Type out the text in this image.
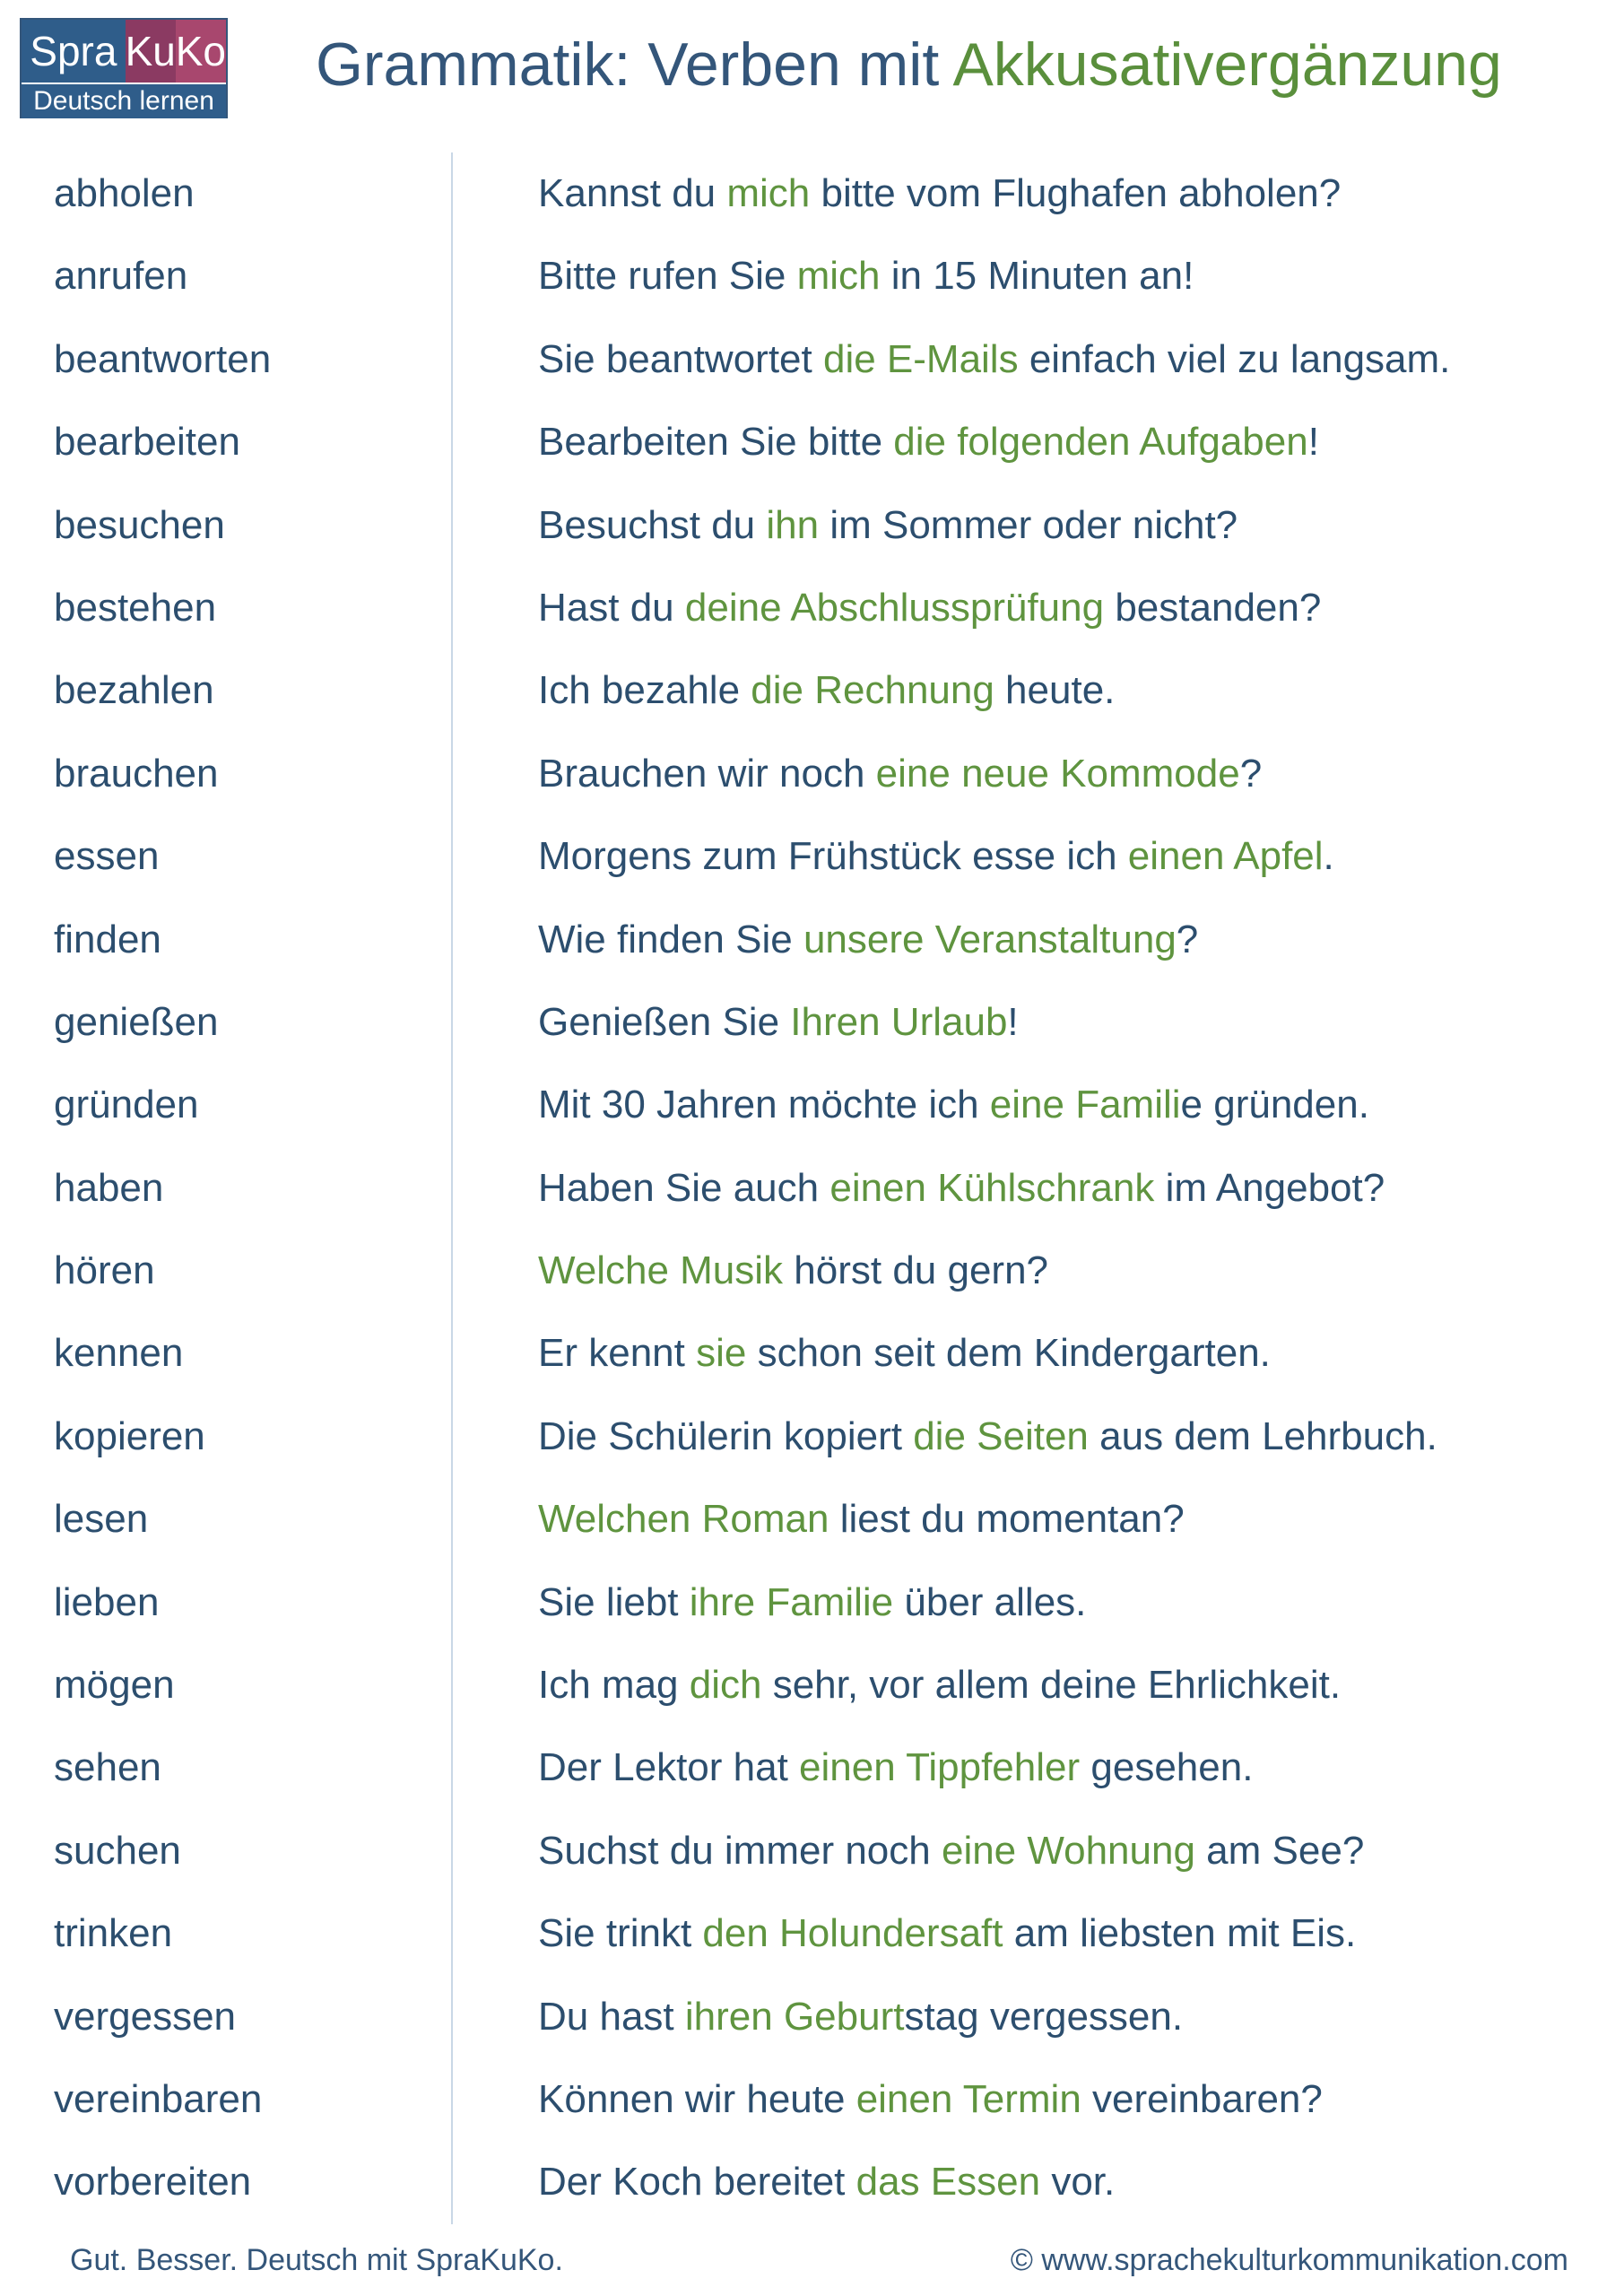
Spra Ku Ko
Deutsch lernen
Grammatik: Verben mit Akkusativergänzung
abholen	Kannst du mich bitte vom Flughafen abholen?
anrufen	Bitte rufen Sie mich in 15 Minuten an!
beantworten	Sie beantwortet die E-Mails einfach viel zu langsam.
bearbeiten	Bearbeiten Sie bitte die folgenden Aufgaben!
besuchen	Besuchst du ihn im Sommer oder nicht?
bestehen	Hast du deine Abschlussprüfung bestanden?
bezahlen	Ich bezahle die Rechnung heute.
brauchen	Brauchen wir noch eine neue Kommode?
essen	Morgens zum Frühstück esse ich einen Apfel.
finden	Wie finden Sie unsere Veranstaltung?
genießen	Genießen Sie Ihren Urlaub!
gründen	Mit 30 Jahren möchte ich eine Familie gründen.
haben	Haben Sie auch einen Kühlschrank im Angebot?
hören	Welche Musik hörst du gern?
kennen	Er kennt sie schon seit dem Kindergarten.
kopieren	Die Schülerin kopiert die Seiten aus dem Lehrbuch.
lesen	Welchen Roman liest du momentan?
lieben	Sie liebt ihre Familie über alles.
mögen	Ich mag dich sehr, vor allem deine Ehrlichkeit.
sehen	Der Lektor hat einen Tippfehler gesehen.
suchen	Suchst du immer noch eine Wohnung am See?
trinken	Sie trinkt den Holundersaft am liebsten mit Eis.
vergessen	Du hast ihren Geburtstag vergessen.
vereinbaren	Können wir heute einen Termin vereinbaren?
vorbereiten	Der Koch bereitet das Essen vor.
Gut. Besser. Deutsch mit SpraKuKo.	© www.sprachekulturkommunikation.com
